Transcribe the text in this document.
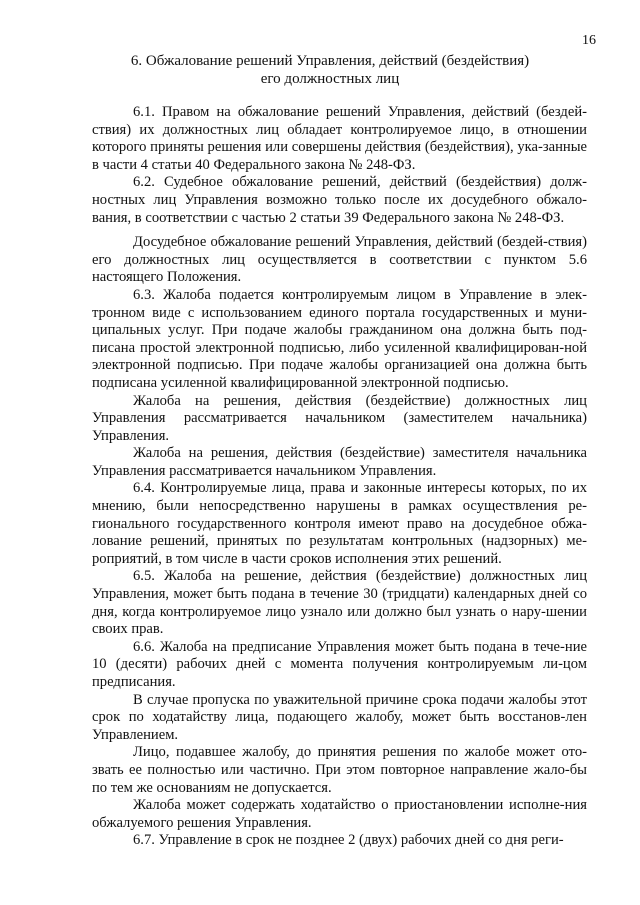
16
6. Обжалование решений Управления, действий (бездействия)
его должностных лиц

6.1. Правом на обжалование решений Управления, действий (бездей-ствия) их должностных лиц обладает контролируемое лицо, в отношении которого приняты решения или совершены действия (бездействия), ука-занные в части 4 статьи 40 Федерального закона № 248-ФЗ.

6.2. Судебное обжалование решений, действий (бездействия) долж-ностных лиц Управления возможно только после их досудебного обжало-вания, в соответствии с частью 2 статьи 39 Федерального закона № 248-ФЗ.

Досудебное обжалование решений Управления, действий (бездей-ствия) его должностных лиц осуществляется в соответствии с пунктом 5.6 настоящего Положения.

6.3. Жалоба подается контролируемым лицом в Управление в элек-тронном виде с использованием единого портала государственных и муни-ципальных услуг. При подаче жалобы гражданином она должна быть под-писана простой электронной подписью, либо усиленной квалифицирован-ной электронной подписью. При подаче жалобы организацией она должна быть подписана усиленной квалифицированной электронной подписью.

Жалоба на решения, действия (бездействие) должностных лиц Управления рассматривается начальником (заместителем начальника) Управления.

Жалоба на решения, действия (бездействие) заместителя начальника Управления рассматривается начальником Управления.

6.4. Контролируемые лица, права и законные интересы которых, по их мнению, были непосредственно нарушены в рамках осуществления ре-гионального государственного контроля имеют право на досудебное обжа-лование решений, принятых по результатам контрольных (надзорных) ме-роприятий, в том числе в части сроков исполнения этих решений.

6.5. Жалоба на решение, действия (бездействие) должностных лиц Управления, может быть подана в течение 30 (тридцати) календарных дней со дня, когда контролируемое лицо узнало или должно был узнать о нару-шении своих прав.

6.6. Жалоба на предписание Управления может быть подана в тече-ние 10 (десяти) рабочих дней с момента получения контролируемым ли-цом предписания.

В случае пропуска по уважительной причине срока подачи жалобы этот срок по ходатайству лица, подающего жалобу, может быть восстанов-лен Управлением.

Лицо, подавшее жалобу, до принятия решения по жалобе может ото-звать ее полностью или частично. При этом повторное направление жало-бы по тем же основаниям не допускается.

Жалоба может содержать ходатайство о приостановлении исполне-ния обжалуемого решения Управления.

6.7. Управление в срок не позднее 2 (двух) рабочих дней со дня реги-
